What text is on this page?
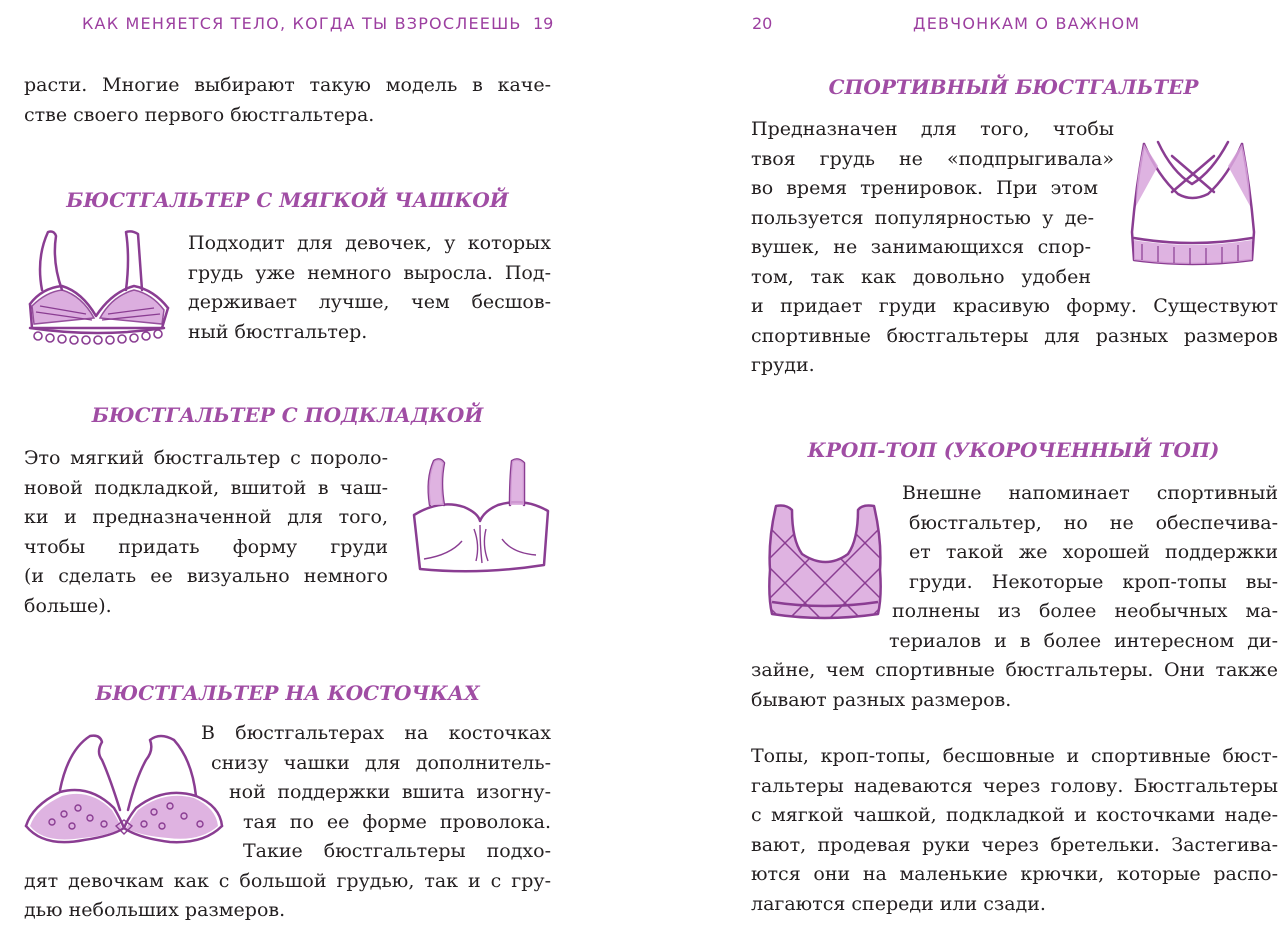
КАК МЕНЯЕТСЯ ТЕЛО, КОГДА ТЫ ВЗРОСЛЕЕШЬ 19
расти. Многие выбирают такую модель в каче-
стве своего первого бюстгальтера.
БЮСТГАЛЬТЕР С МЯГКОЙ ЧАШКОЙ
Подходит для девочек, у которых
грудь уже немного выросла. Под-
держивает лучше, чем бесшов-
ный бюстгальтер.
БЮСТГАЛЬТЕР С ПОДКЛАДКОЙ
Это мягкий бюстгальтер с пороло-
новой подкладкой, вшитой в чаш-
ки и предназначенной для того,
чтобы придать форму груди
(и сделать ее визуально немного
больше).
БЮСТГАЛЬТЕР НА КОСТОЧКАХ
В бюстгальтерах на косточках
снизу чашки для дополнитель-
ной поддержки вшита изогну-
тая по ее форме проволока.
Такие бюстгальтеры подхо-
дят девочкам как с большой грудью, так и с гру-
дью небольших размеров.
20	ДЕВЧОНКАМ О ВАЖНОМ
СПОРТИВНЫЙ БЮСТГАЛЬТЕР
Предназначен для того, чтобы
твоя грудь не «подпрыгивала»
во время тренировок. При этом
пользуется популярностью у де-
вушек, не занимающихся спор-
том, так как довольно удобен
и придает груди красивую форму. Существуют
спортивные бюстгальтеры для разных размеров
груди.
КРОП-ТОП (УКОРОЧЕННЫЙ ТОП)
Внешне напоминает спортивный
бюстгальтер, но не обеспечива-
ет такой же хорошей поддержки
груди. Некоторые кроп-топы вы-
полнены из более необычных ма-
териалов и в более интересном ди-
зайне, чем спортивные бюстгальтеры. Они также
бывают разных размеров.
Топы, кроп-топы, бесшовные и спортивные бюст-
гальтеры надеваются через голову. Бюстгальтеры
с мягкой чашкой, подкладкой и косточками наде-
вают, продевая руки через бретельки. Застегива-
ются они на маленькие крючки, которые распо-
лагаются спереди или сзади.
